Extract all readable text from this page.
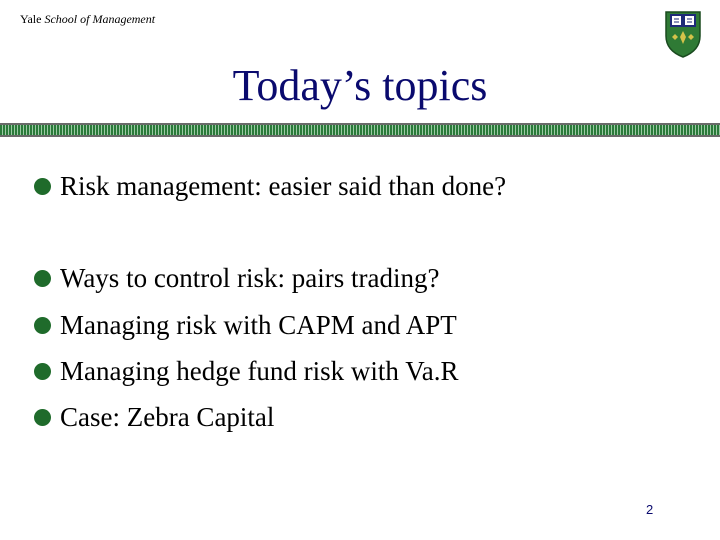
Yale School of Management
Today’s topics
Risk management: easier said than done?
Ways to control risk: pairs trading?
Managing risk with CAPM and APT
Managing hedge fund risk with Va.R
Case: Zebra Capital
2
